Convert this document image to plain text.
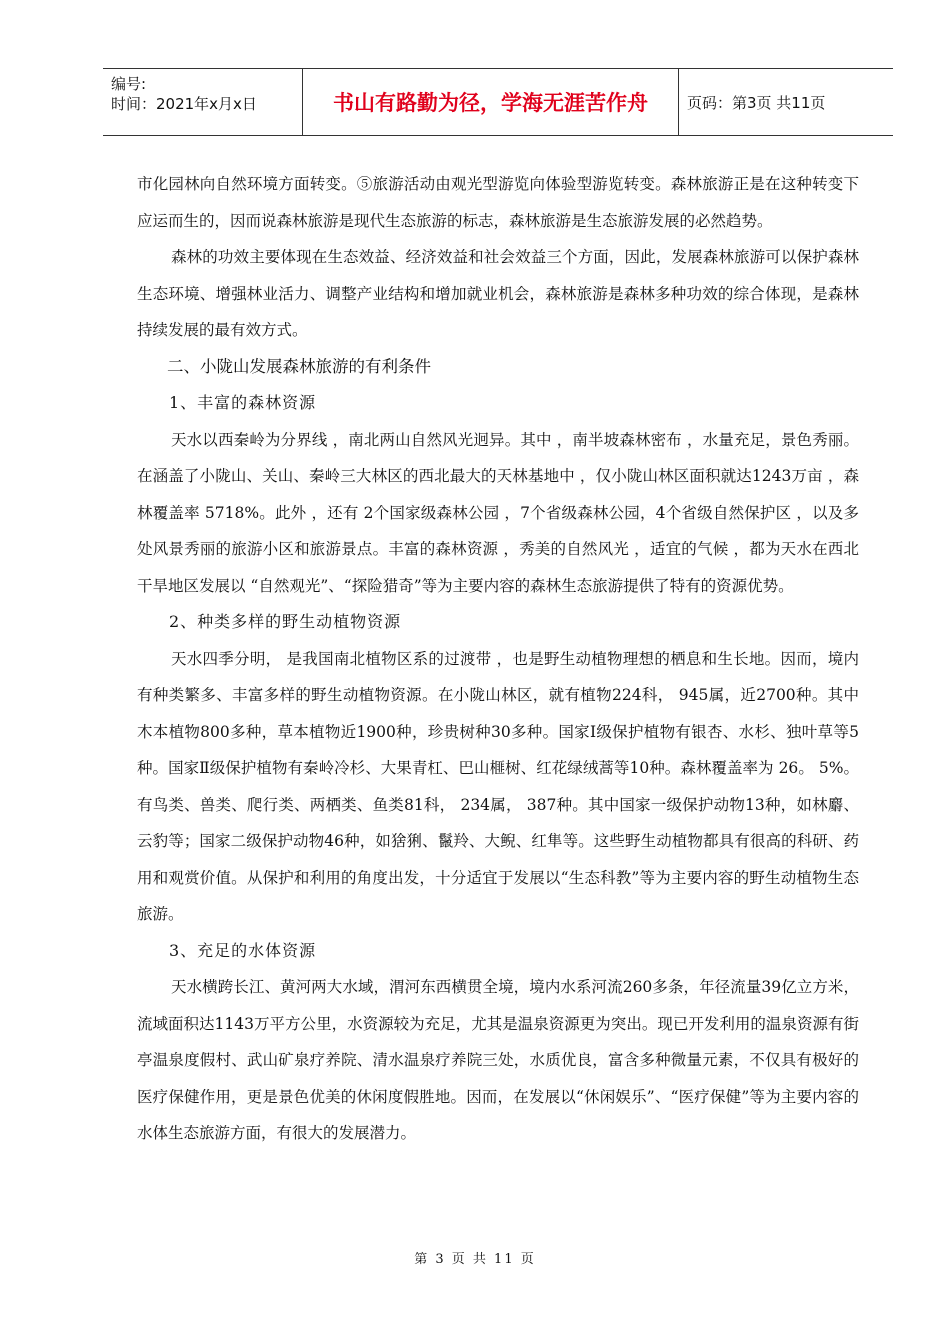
编号:
时间：2021年x月x日	书山有路勤为径，学海无涯苦作舟	页码：第3页 共11页

市化园林向自然环境方面转变。⑤旅游活动由观光型游览向体验型游览转变。森林旅游正是在这种转变下应运而生的，因而说森林旅游是现代生态旅游的标志，森林旅游是生态旅游发展的必然趋势。

森林的功效主要体现在生态效益、经济效益和社会效益三个方面，因此，发展森林旅游可以保护森林生态环境、增强林业活力、调整产业结构和增加就业机会，森林旅游是森林多种功效的综合体现，是森林持续发展的最有效方式。

二、小陇山发展森林旅游的有利条件

1、丰富的森林资源

天水以西秦岭为分界线 ，南北两山自然风光迥异。其中 ，南半坡森林密布 ，水量充足，景色秀丽。在涵盖了小陇山、关山、秦岭三大林区的西北最大的天林基地中 ，仅小陇山林区面积就达1243万亩 ，森林覆盖率 5718%。此外 ，还有 2个国家级森林公园 ，7个省级森林公园，4个省级自然保护区 ，以及多处风景秀丽的旅游小区和旅游景点。丰富的森林资源 ，秀美的自然风光 ，适宜的气候 ，都为天水在西北干旱地区发展以 “自然观光”、“探险猎奇”等为主要内容的森林生态旅游提供了特有的资源优势。

2、种类多样的野生动植物资源

天水四季分明， 是我国南北植物区系的过渡带 ，也是野生动植物理想的栖息和生长地。因而，境内有种类繁多、丰富多样的野生动植物资源。在小陇山林区，就有植物224科， 945属，近2700种。其中木本植物800多种，草本植物近1900种，珍贵树种30多种。国家Ⅰ级保护植物有银杏、水杉、独叶草等5种。国家Ⅱ级保护植物有秦岭冷杉、大果青杠、巴山榧树、红花绿绒蒿等10种。森林覆盖率为 26。 5%。有鸟类、兽类、爬行类、两栖类、鱼类81科， 234属， 387种。其中国家一级保护动物13种，如林麝、云豹等；国家二级保护动物46种，如猞猁、鬣羚、大鲵、红隼等。这些野生动植物都具有很高的科研、药用和观赏价值。从保护和利用的角度出发，十分适宜于发展以“生态科教”等为主要内容的野生动植物生态旅游。

3、充足的水体资源

天水横跨长江、黄河两大水域，渭河东西横贯全境，境内水系河流260多条，年径流量39亿立方米，流域面积达1143万平方公里，水资源较为充足，尤其是温泉资源更为突出。现已开发利用的温泉资源有街亭温泉度假村、武山矿泉疗养院、清水温泉疗养院三处，水质优良，富含多种微量元素，不仅具有极好的医疗保健作用，更是景色优美的休闲度假胜地。因而，在发展以“休闲娱乐”、“医疗保健”等为主要内容的水体生态旅游方面，有很大的发展潜力。

第 3 页 共 11 页
